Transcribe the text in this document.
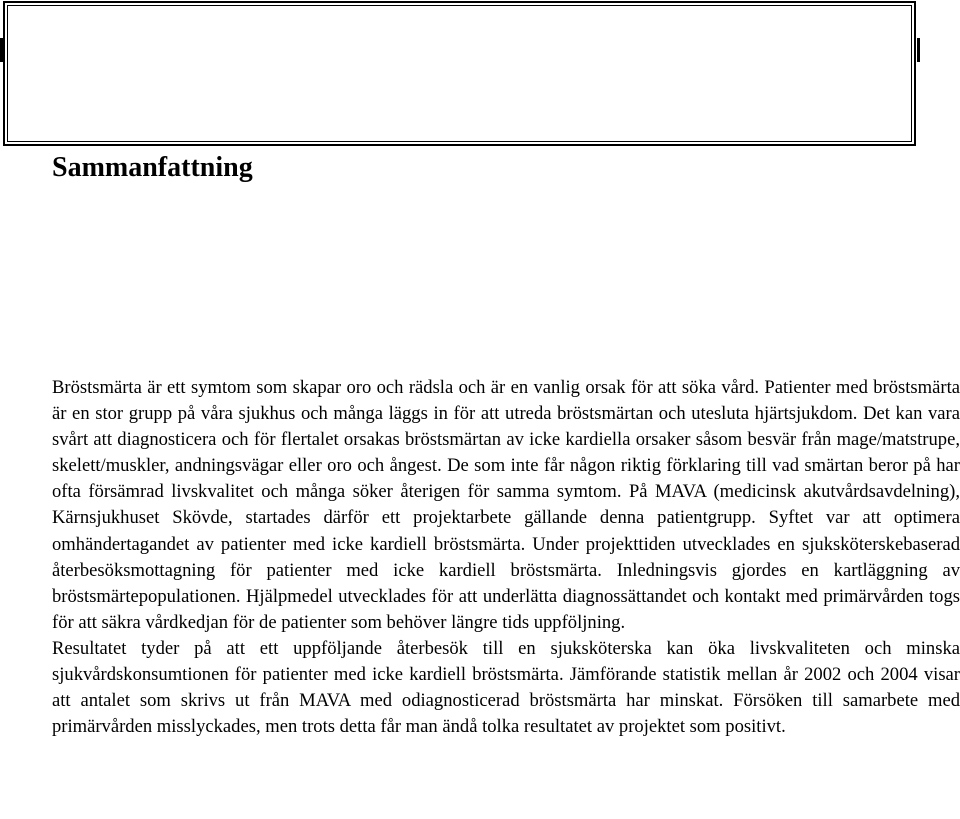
Sammanfattning

Bröstsmärta är ett symtom som skapar oro och rädsla och är en vanlig orsak för att söka vård. Patienter med bröstsmärta är en stor grupp på våra sjukhus och många läggs in för att utreda bröstsmärtan och utesluta hjärtsjukdom. Det kan vara svårt att diagnosticera och för flertalet orsakas bröstsmärtan av icke kardiella orsaker såsom besvär från mage/matstrupe, skelett/muskler, andningsvägar eller oro och ångest. De som inte får någon riktig förklaring till vad smärtan beror på har ofta försämrad livskvalitet och många söker återigen för samma symtom. På MAVA (medicinsk akutvårdsavdelning), Kärnsjukhuset Skövde, startades därför ett projektarbete gällande denna patientgrupp. Syftet var att optimera omhändertagandet av patienter med icke kardiell bröstsmärta. Under projekttiden utvecklades en sjuksköterskebaserad återbesöksmottagning för patienter med icke kardiell bröstsmärta. Inledningsvis gjordes en kartläggning av bröstsmärtepopulationen. Hjälpmedel utvecklades för att underlätta diagnossättandet och kontakt med primärvården togs för att säkra vårdkedjan för de patienter som behöver längre tids uppföljning.

Resultatet tyder på att ett uppföljande återbesök till en sjuksköterska kan öka livskvaliteten och minska sjukvårdskonsumtionen för patienter med icke kardiell bröstsmärta. Jämförande statistik mellan år 2002 och 2004 visar att antalet som skrivs ut från MAVA med odiagnosticerad bröstsmärta har minskat. Försöken till samarbete med primärvården misslyckades, men trots detta får man ändå tolka resultatet av projektet som positivt.
